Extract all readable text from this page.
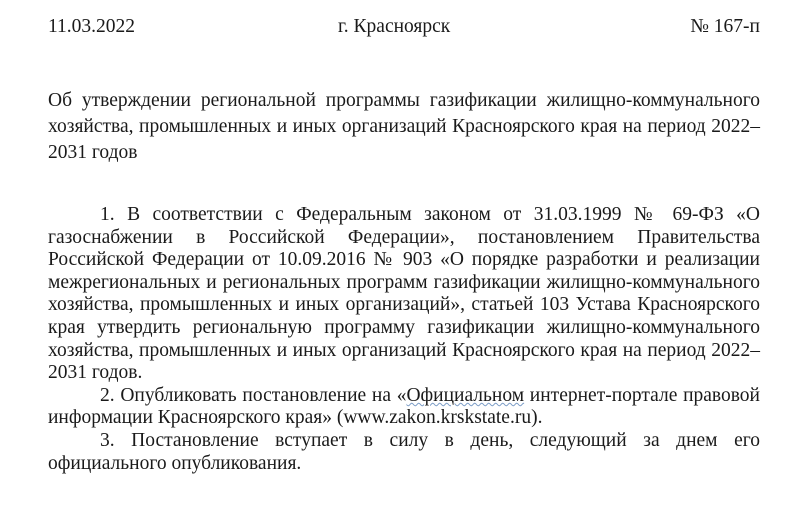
11.03.2022	г. Красноярск	№ 167-п
Об утверждении региональной программы газификации жилищно-коммунального хозяйства, промышленных и иных организаций Красноярского края на период 2022–2031 годов

1. В соответствии с Федеральным законом от 31.03.1999 № 69-ФЗ «О газоснабжении в Российской Федерации», постановлением Правительства Российской Федерации от 10.09.2016 № 903 «О порядке разработки и реализации межрегиональных и региональных программ газификации жилищно-коммунального хозяйства, промышленных и иных организаций», статьей 103 Устава Красноярского края утвердить региональную программу газификации жилищно-коммунального хозяйства, промышленных и иных организаций Красноярского края на период 2022–2031 годов.

2. Опубликовать постановление на «Официальном интернет-портале правовой информации Красноярского края» (www.zakon.krskstate.ru).

3. Постановление вступает в силу в день, следующий за днем его официального опубликования.
